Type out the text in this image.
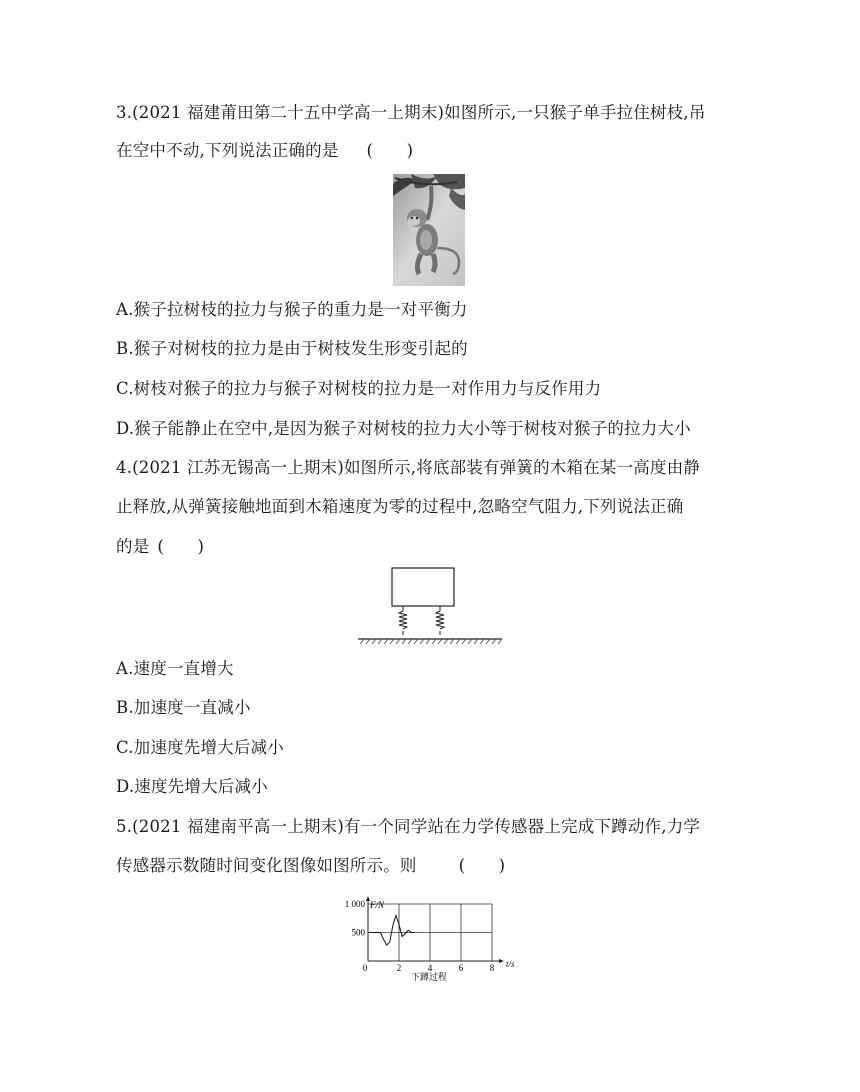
3.(2021 福建莆田第二十五中学高一上期末)如图所示,一只猴子单手拉住树枝,吊
在空中不动,下列说法正确的是 (　　)
A.猴子拉树枝的拉力与猴子的重力是一对平衡力
B.猴子对树枝的拉力是由于树枝发生形变引起的
C.树枝对猴子的拉力与猴子对树枝的拉力是一对作用力与反作用力
D.猴子能静止在空中,是因为猴子对树枝的拉力大小等于树枝对猴子的拉力大小
4.(2021 江苏无锡高一上期末)如图所示,将底部装有弹簧的木箱在某一高度由静
止释放,从弹簧接触地面到木箱速度为零的过程中,忽略空气阻力,下列说法正确
的是 (　　)
A.速度一直增大
B.加速度一直减小
C.加速度先增大后减小
D.速度先增大后减小
5.(2021 福建南平高一上期末)有一个同学站在力学传感器上完成下蹲动作,力学
传感器示数随时间变化图像如图所示。则	(　　)
0	2	4	6	8
500
1 000 F/N
t/s
下蹲过程
